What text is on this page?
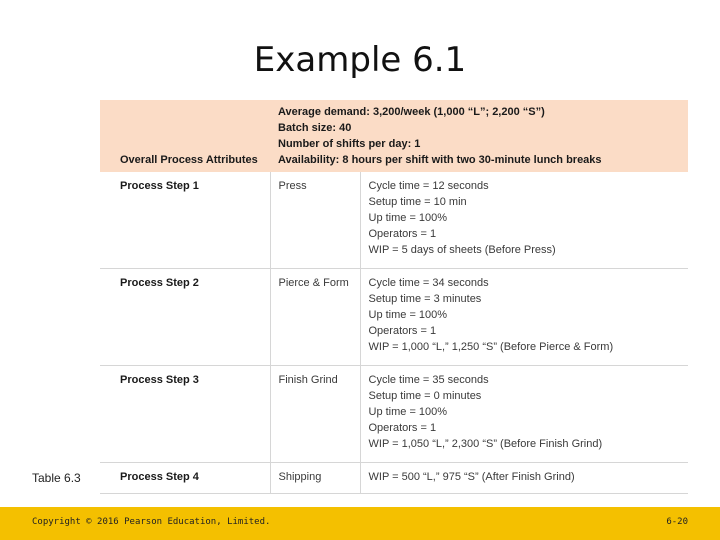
Example 6.1
Overall Process Attributes	Average demand: 3,200/week (1,000 “L”; 2,200 “S”)
Batch size: 40
Number of shifts per day: 1
Availability: 8 hours per shift with two 30-minute lunch breaks	

Process Step 1	Press	Cycle time = 12 seconds
Setup time = 10 min
Up time = 100%
Operators = 1
WIP = 5 days of sheets (Before Press)

Process Step 2	Pierce & Form	Cycle time = 34 seconds
Setup time = 3 minutes
Up time = 100%
Operators = 1
WIP = 1,000 “L,” 1,250 “S” (Before Pierce & Form)

Process Step 3	Finish Grind	Cycle time = 35 seconds
Setup time = 0 minutes
Up time = 100%
Operators = 1
WIP = 1,050 “L,” 2,300 “S” (Before Finish Grind)

Process Step 4	Shipping	WIP = 500 “L,” 975 “S” (After Finish Grind)
Table 6.3
Copyright © 2016 Pearson Education, Limited.	6-20
